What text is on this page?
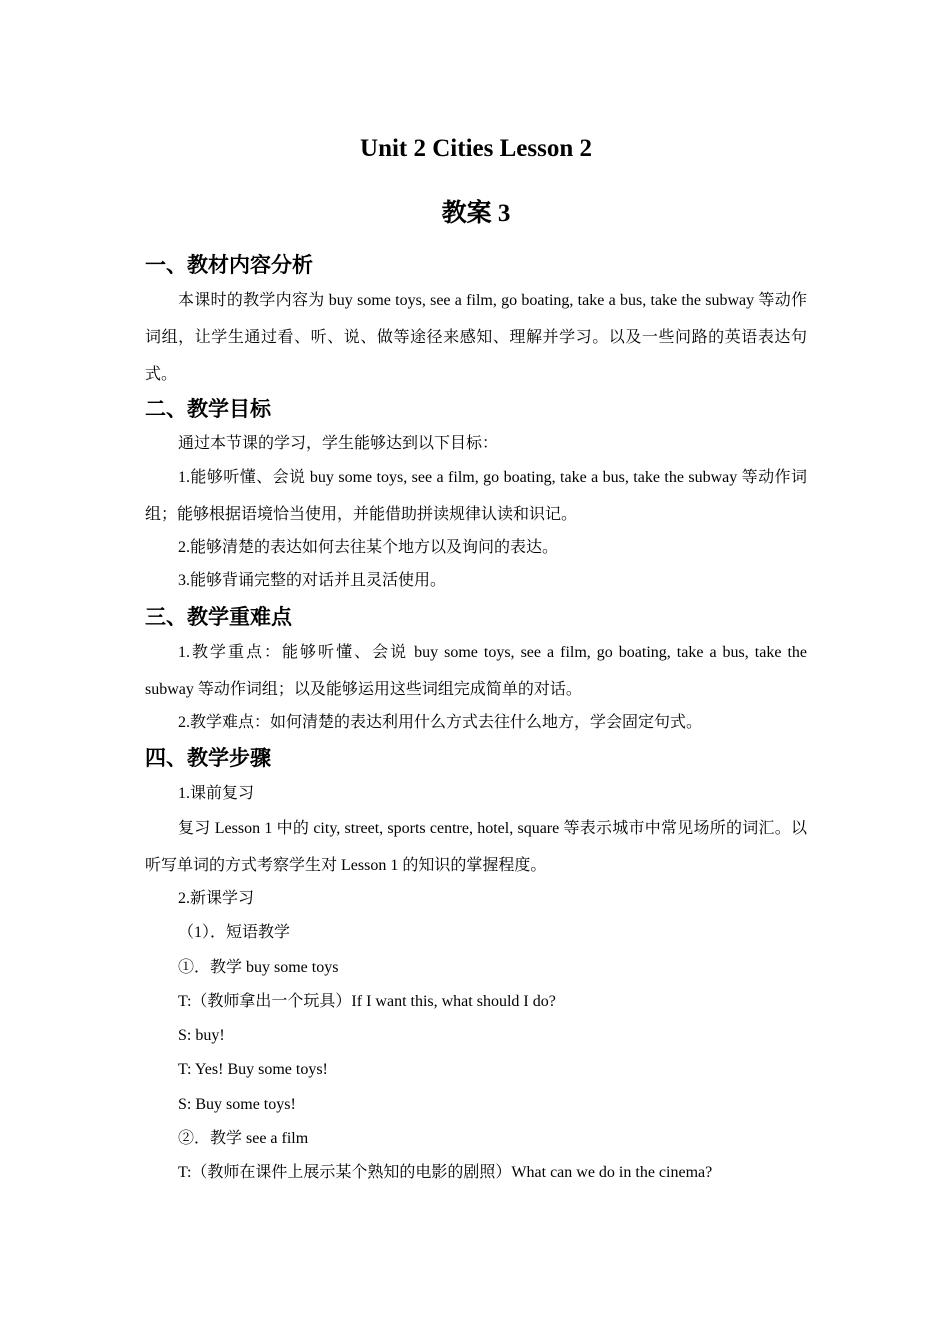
Unit 2 Cities Lesson 2
教案 3
一、教材内容分析
本课时的教学内容为 buy some toys, see a film, go boating, take a bus, take the subway 等动作词组，让学生通过看、听、说、做等途径来感知、理解并学习。以及一些问路的英语表达句式。
二、教学目标
通过本节课的学习，学生能够达到以下目标：
1.能够听懂、会说 buy some toys, see a film, go boating, take a bus, take the subway 等动作词组；能够根据语境恰当使用，并能借助拼读规律认读和识记。
2.能够清楚的表达如何去往某个地方以及询问的表达。
3.能够背诵完整的对话并且灵活使用。
三、教学重难点
1.教学重点：能够听懂、会说 buy some toys, see a film, go boating, take a bus, take the subway 等动作词组；以及能够运用这些词组完成简单的对话。
2.教学难点：如何清楚的表达利用什么方式去往什么地方，学会固定句式。
四、教学步骤
1.课前复习
复习 Lesson 1 中的 city, street, sports centre, hotel, square 等表示城市中常见场所的词汇。以听写单词的方式考察学生对 Lesson 1 的知识的掌握程度。
2.新课学习
（1）．短语教学
①．教学 buy some toys
T:（教师拿出一个玩具）If I want this, what should I do?
S: buy!
T: Yes! Buy some toys!
S: Buy some toys!
②．教学 see a film
T:（教师在课件上展示某个熟知的电影的剧照）What can we do in the cinema?
